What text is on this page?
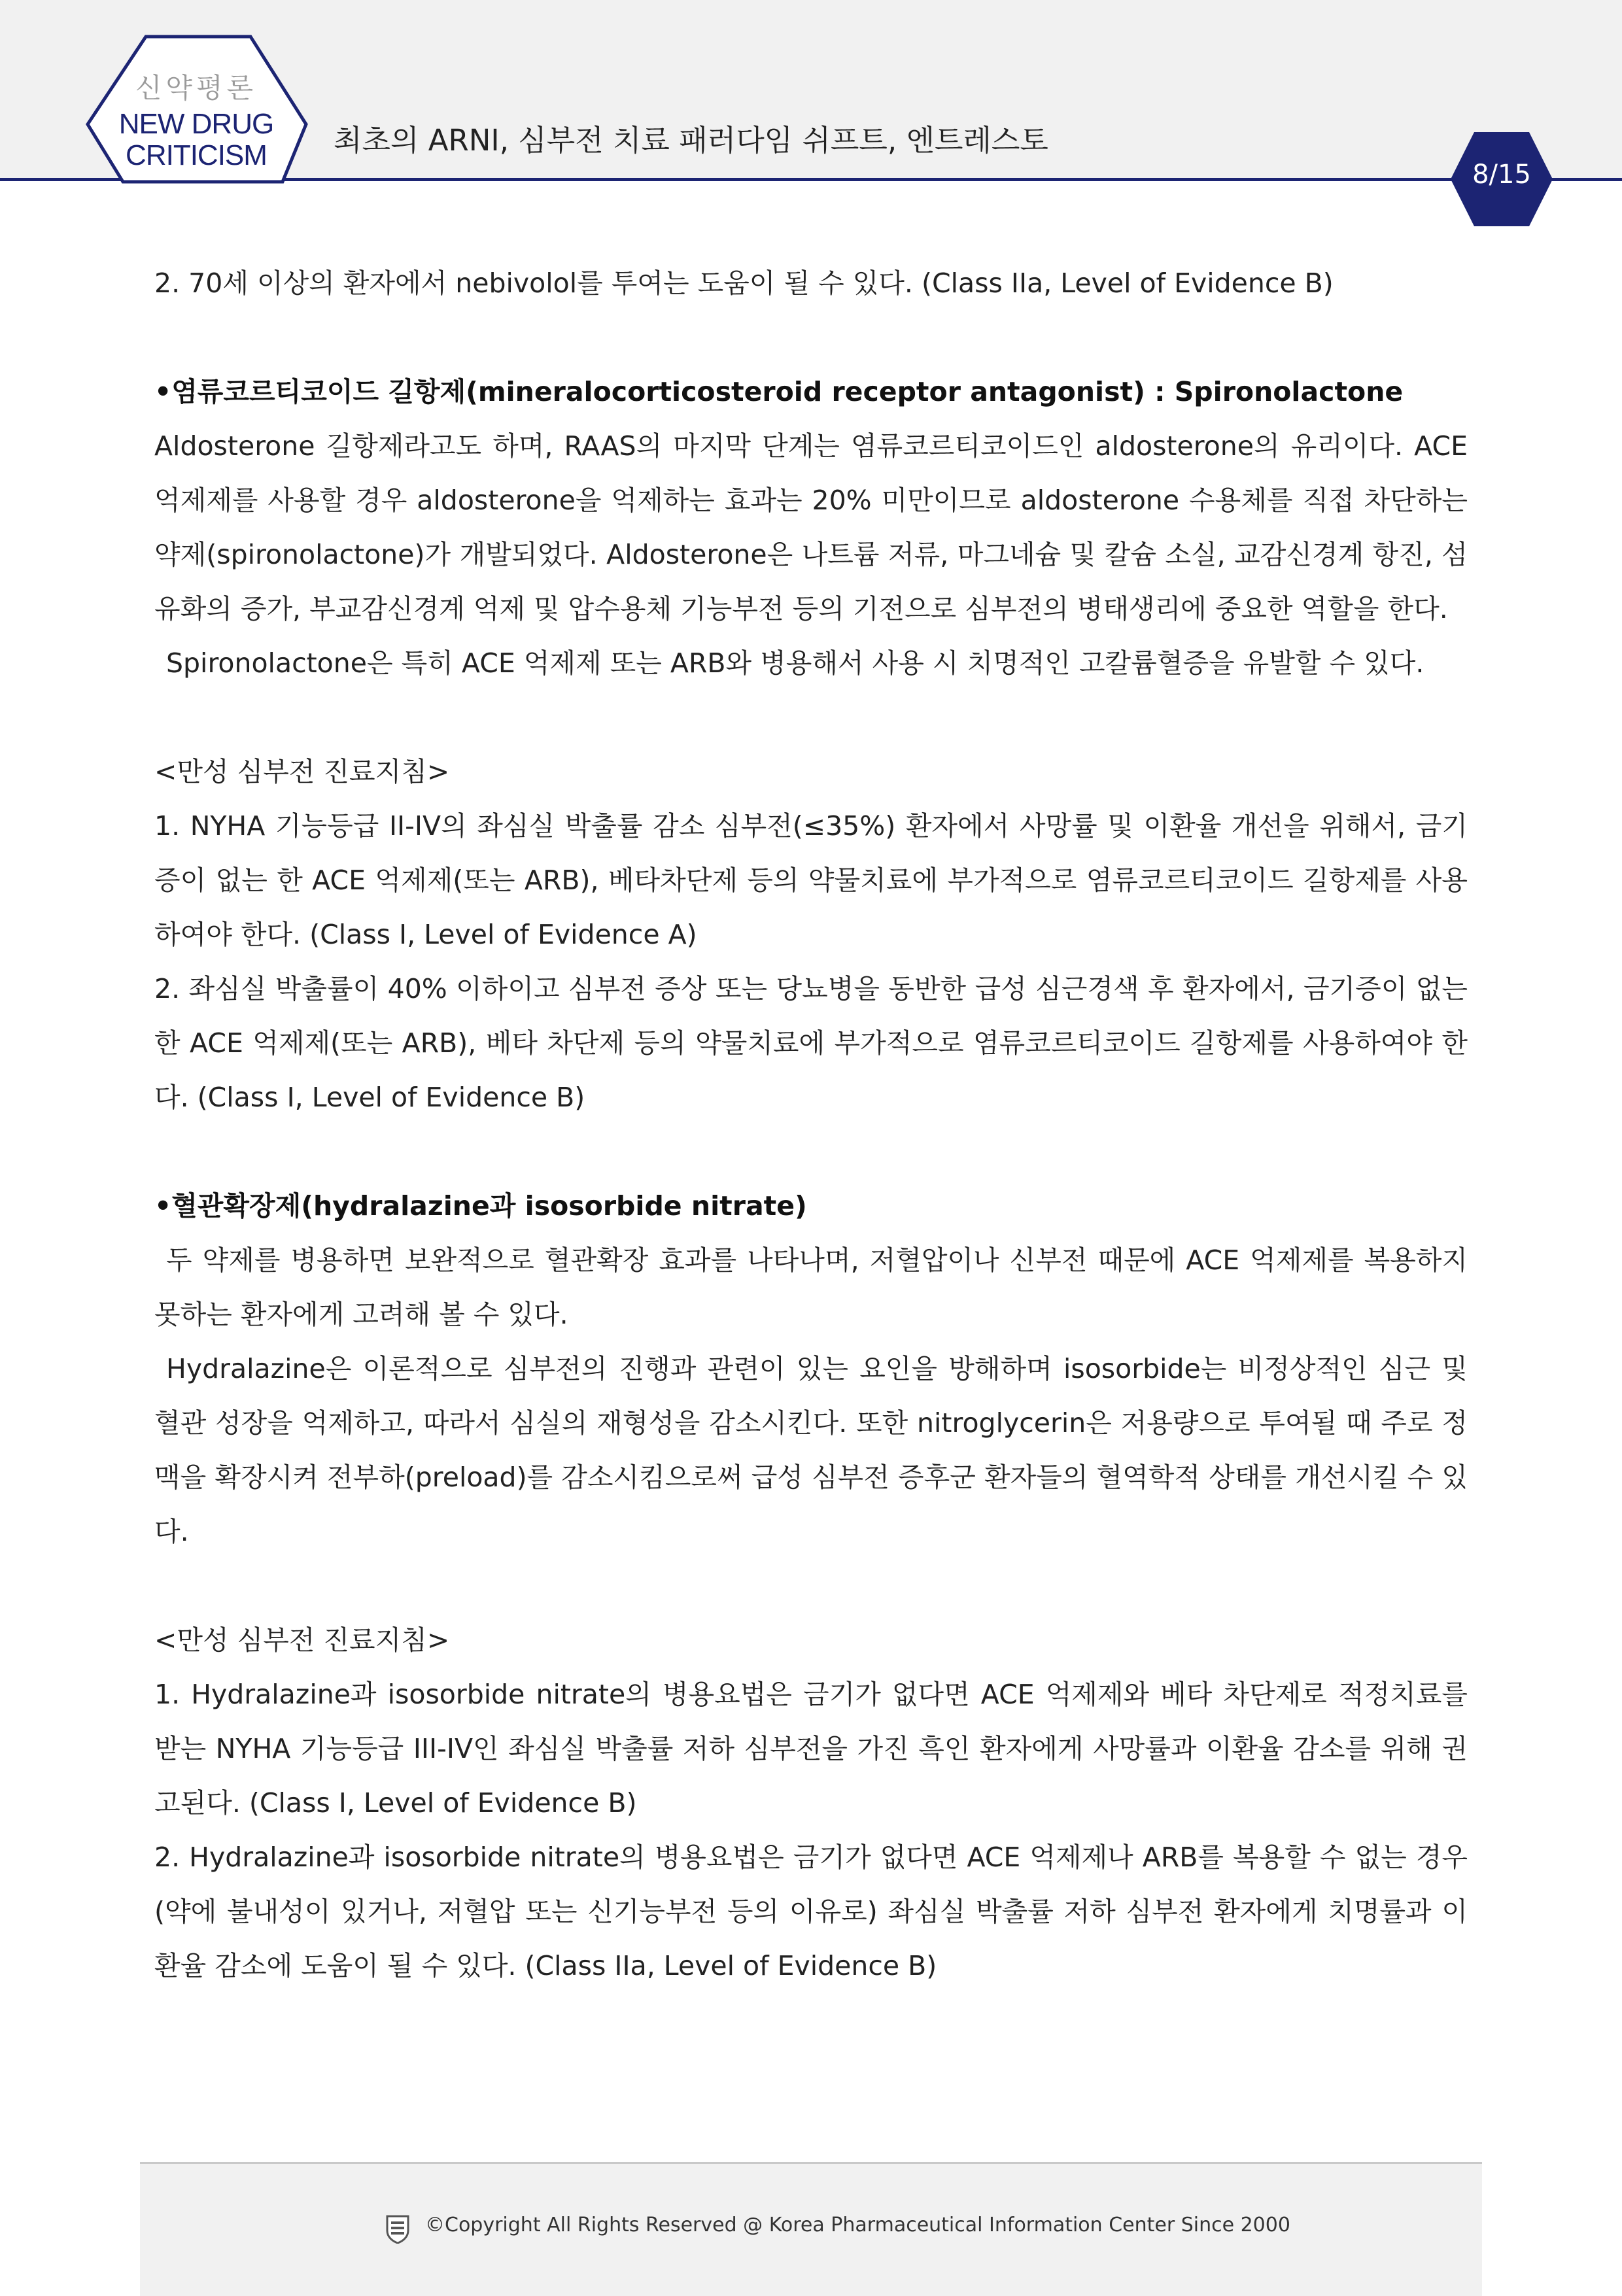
신약평론
NEW DRUG
CRITICISM	최초의 ARNI, 심부전 치료 패러다임 쉬프트, 엔트레스토
8/15

2. 70세 이상의 환자에서 nebivolol를 투여는 도움이 될 수 있다. (Class IIa, Level of Evidence B)

•염류코르티코이드 길항제(mineralocorticosteroid receptor antagonist) : Spironolactone

Aldosterone 길항제라고도 하며, RAAS의 마지막 단계는 염류코르티코이드인 aldosterone의 유리이다. ACE 억제제를 사용할 경우 aldosterone을 억제하는 효과는 20% 미만이므로 aldosterone 수용체를 직접 차단하는 약제(spironolactone)가 개발되었다. Aldosterone은 나트륨 저류, 마그네슘 및 칼슘 소실, 교감신경계 항진, 섬유화의 증가, 부교감신경계 억제 및 압수용체 기능부전 등의 기전으로 심부전의 병태생리에 중요한 역할을 한다.

Spironolactone은 특히 ACE 억제제 또는 ARB와 병용해서 사용 시 치명적인 고칼륨혈증을 유발할 수 있다.

<만성 심부전 진료지침>

1. NYHA 기능등급 II-IV의 좌심실 박출률 감소 심부전(≤35%) 환자에서 사망률 및 이환율 개선을 위해서, 금기증이 없는 한 ACE 억제제(또는 ARB), 베타차단제 등의 약물치료에 부가적으로 염류코르티코이드 길항제를 사용하여야 한다. (Class I, Level of Evidence A)

2. 좌심실 박출률이 40% 이하이고 심부전 증상 또는 당뇨병을 동반한 급성 심근경색 후 환자에서, 금기증이 없는 한 ACE 억제제(또는 ARB), 베타 차단제 등의 약물치료에 부가적으로 염류코르티코이드 길항제를 사용하여야 한다. (Class I, Level of Evidence B)

•혈관확장제(hydralazine과 isosorbide nitrate)

두 약제를 병용하면 보완적으로 혈관확장 효과를 나타나며, 저혈압이나 신부전 때문에 ACE 억제제를 복용하지 못하는 환자에게 고려해 볼 수 있다.

Hydralazine은 이론적으로 심부전의 진행과 관련이 있는 요인을 방해하며 isosorbide는 비정상적인 심근 및 혈관 성장을 억제하고, 따라서 심실의 재형성을 감소시킨다. 또한 nitroglycerin은 저용량으로 투여될 때 주로 정맥을 확장시켜 전부하(preload)를 감소시킴으로써 급성 심부전 증후군 환자들의 혈역학적 상태를 개선시킬 수 있다.

<만성 심부전 진료지침>

1. Hydralazine과 isosorbide nitrate의 병용요법은 금기가 없다면 ACE 억제제와 베타 차단제로 적정치료를 받는 NYHA 기능등급 III-IV인 좌심실 박출률 저하 심부전을 가진 흑인 환자에게 사망률과 이환율 감소를 위해 권고된다. (Class I, Level of Evidence B)

2. Hydralazine과 isosorbide nitrate의 병용요법은 금기가 없다면 ACE 억제제나 ARB를 복용할 수 없는 경우(약에 불내성이 있거나, 저혈압 또는 신기능부전 등의 이유로) 좌심실 박출률 저하 심부전 환자에게 치명률과 이환율 감소에 도움이 될 수 있다. (Class IIa, Level of Evidence B)

©Copyright All Rights Reserved @ Korea Pharmaceutical Information Center Since 2000
